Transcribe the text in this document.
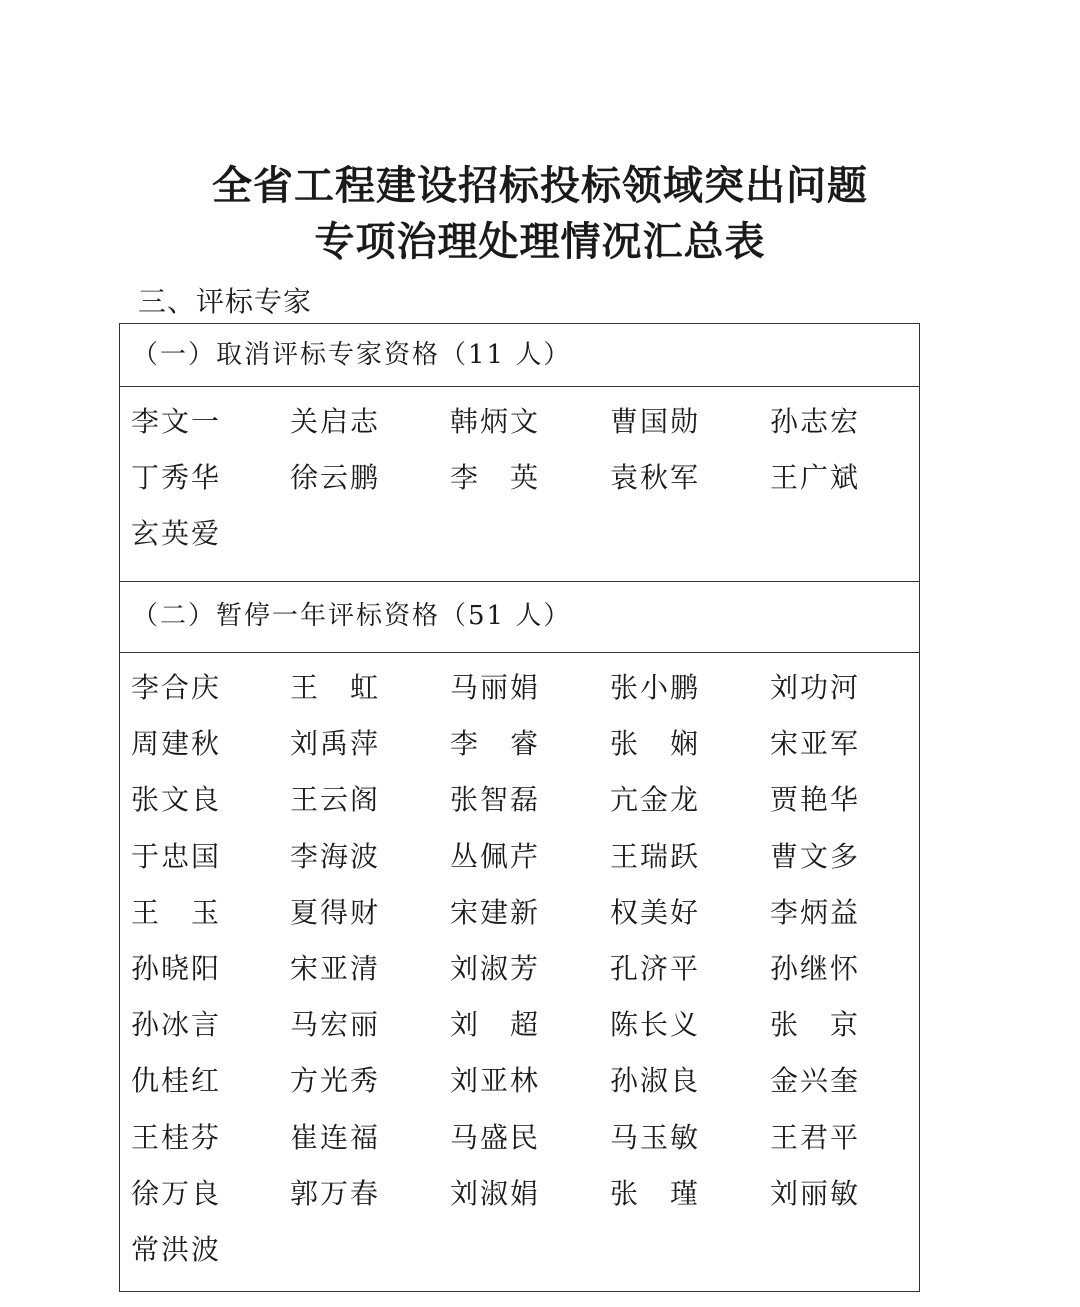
全省工程建设招标投标领域突出问题
专项治理处理情况汇总表
三、评标专家
（一）取消评标专家资格（11 人）
李文一 关启志 韩炳文 曹国勋 孙志宏
丁秀华 徐云鹏 李　英 袁秋军 王广斌
玄英爱
（二）暂停一年评标资格（51 人）
李合庆 王　虹 马丽娟 张小鹏 刘功河
周建秋 刘禹萍 李　睿 张　娴 宋亚军
张文良 王云阁 张智磊 亢金龙 贾艳华
于忠国 李海波 丛佩芹 王瑞跃 曹文多
王　玉 夏得财 宋建新 权美好 李炳益
孙晓阳 宋亚清 刘淑芳 孔济平 孙继怀
孙冰言 马宏丽 刘　超 陈长义 张　京
仇桂红 方光秀 刘亚林 孙淑良 金兴奎
王桂芬 崔连福 马盛民 马玉敏 王君平
徐万良 郭万春 刘淑娟 张　瑾 刘丽敏
常洪波
